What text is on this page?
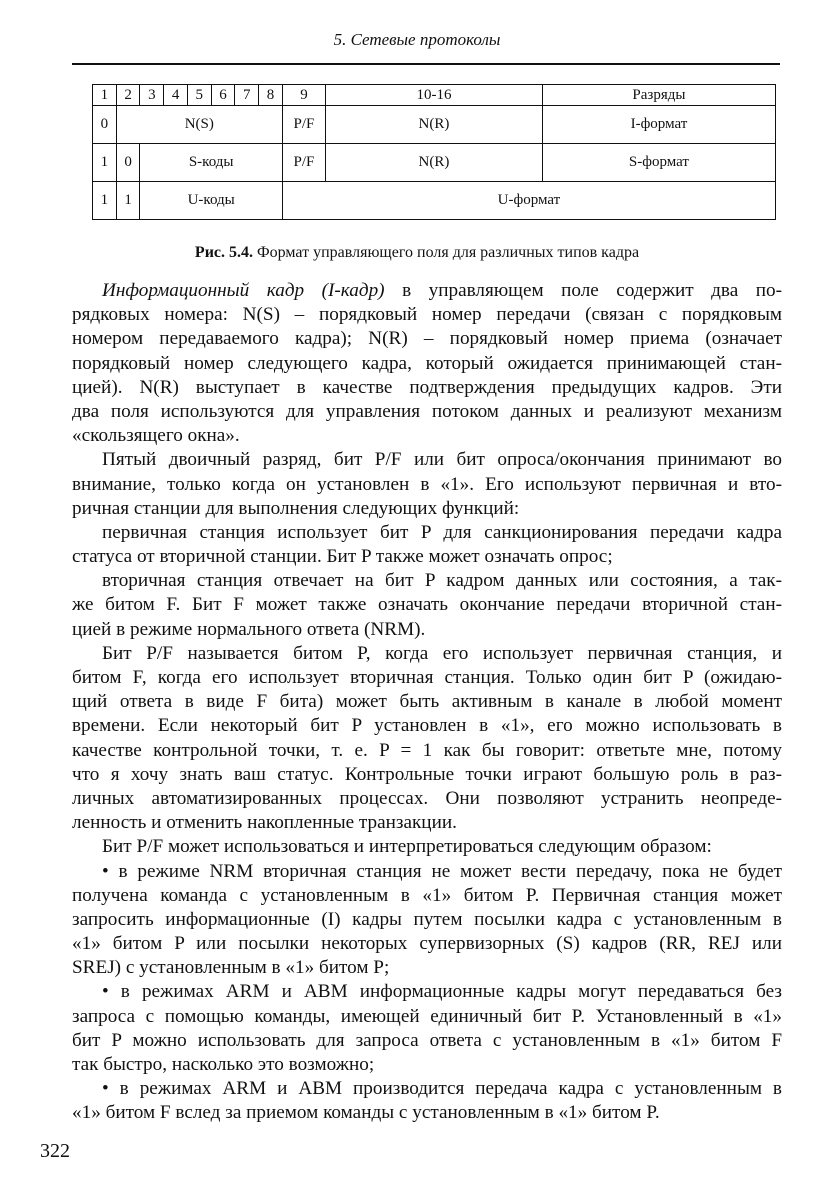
5. Сетевые протоколы
1	2	3	4	5	6	7	8	9	10-16	Разряды
0	N(S)							P/F	N(R)	I-формат
1	0	S-коды						P/F	N(R)	S-формат
1	1	U-коды						U-формат		
Рис. 5.4. Формат управляющего поля для различных типов кадра
Информационный кадр (I-кадр) в управляющем поле содержит два по-
рядковых номера: N(S) – порядковый номер передачи (связан с порядковым
номером передаваемого кадра); N(R) – порядковый номер приема (означает
порядковый номер следующего кадра, который ожидается принимающей стан-
цией). N(R) выступает в качестве подтверждения предыдущих кадров. Эти
два поля используются для управления потоком данных и реализуют механизм
«скользящего окна».
Пятый двоичный разряд, бит P/F или бит опроса/окончания принимают во
внимание, только когда он установлен в «1». Его используют первичная и вто-
ричная станции для выполнения следующих функций:
первичная станция использует бит P для санкционирования передачи кадра
статуса от вторичной станции. Бит P также может означать опрос;
вторичная станция отвечает на бит P кадром данных или состояния, а так-
же битом F. Бит F может также означать окончание передачи вторичной стан-
цией в режиме нормального ответа (NRM).
Бит P/F называется битом P, когда его использует первичная станция, и
битом F, когда его использует вторичная станция. Только один бит P (ожидаю-
щий ответа в виде F бита) может быть активным в канале в любой момент
времени. Если некоторый бит P установлен в «1», его можно использовать в
качестве контрольной точки, т. е. P = 1 как бы говорит: ответьте мне, потому
что я хочу знать ваш статус. Контрольные точки играют большую роль в раз-
личных автоматизированных процессах. Они позволяют устранить неопреде-
ленность и отменить накопленные транзакции.
Бит P/F может использоваться и интерпретироваться следующим образом:
• в режиме NRM вторичная станция не может вести передачу, пока не будет
получена команда с установленным в «1» битом P. Первичная станция может
запросить информационные (I) кадры путем посылки кадра с установленным в
«1» битом P или посылки некоторых супервизорных (S) кадров (RR, REJ или
SREJ) с установленным в «1» битом P;
• в режимах ARM и ABM информационные кадры могут передаваться без
запроса с помощью команды, имеющей единичный бит P. Установленный в «1»
бит P можно использовать для запроса ответа с установленным в «1» битом F
так быстро, насколько это возможно;
• в режимах ARM и ABM производится передача кадра с установленным в
«1» битом F вслед за приемом команды с установленным в «1» битом P.
322
